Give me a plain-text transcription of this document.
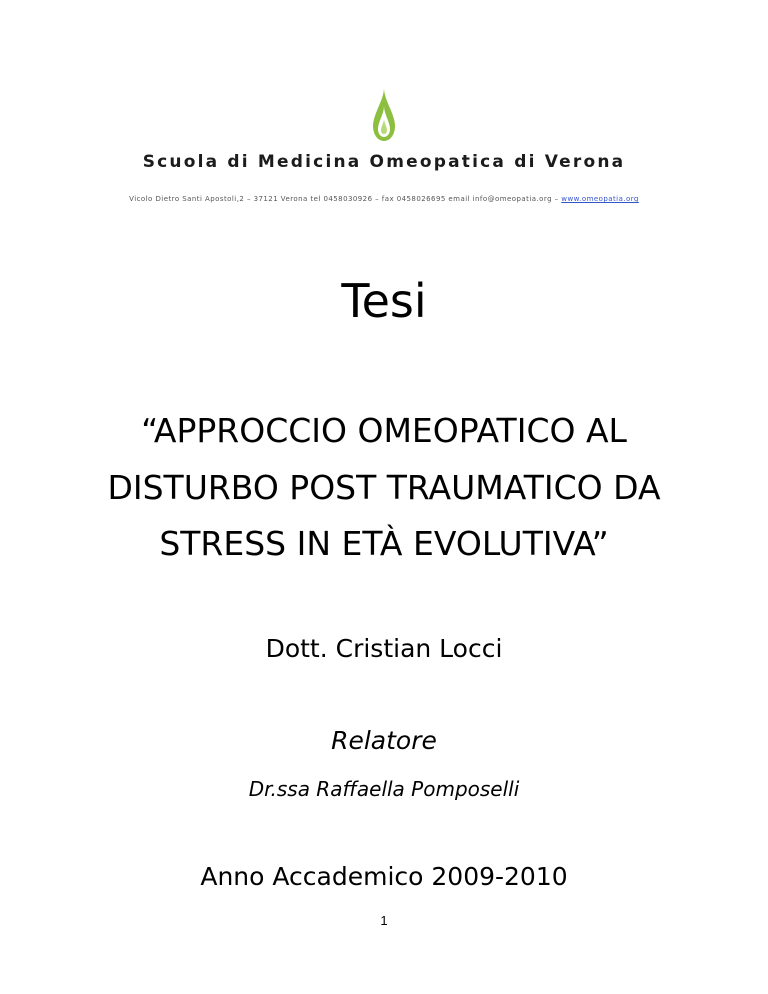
Scuola di Medicina Omeopatica di Verona
Vicolo Dietro Santi Apostoli,2 – 37121 Verona tel 0458030926 – fax 0458026695 email info@omeopatia.org – www.omeopatia.org
Tesi
“APPROCCIO OMEOPATICO AL
DISTURBO POST TRAUMATICO DA
STRESS IN ETÀ EVOLUTIVA”
Dott. Cristian Locci
Relatore
Dr.ssa Raffaella Pomposelli
Anno Accademico 2009-2010
1
